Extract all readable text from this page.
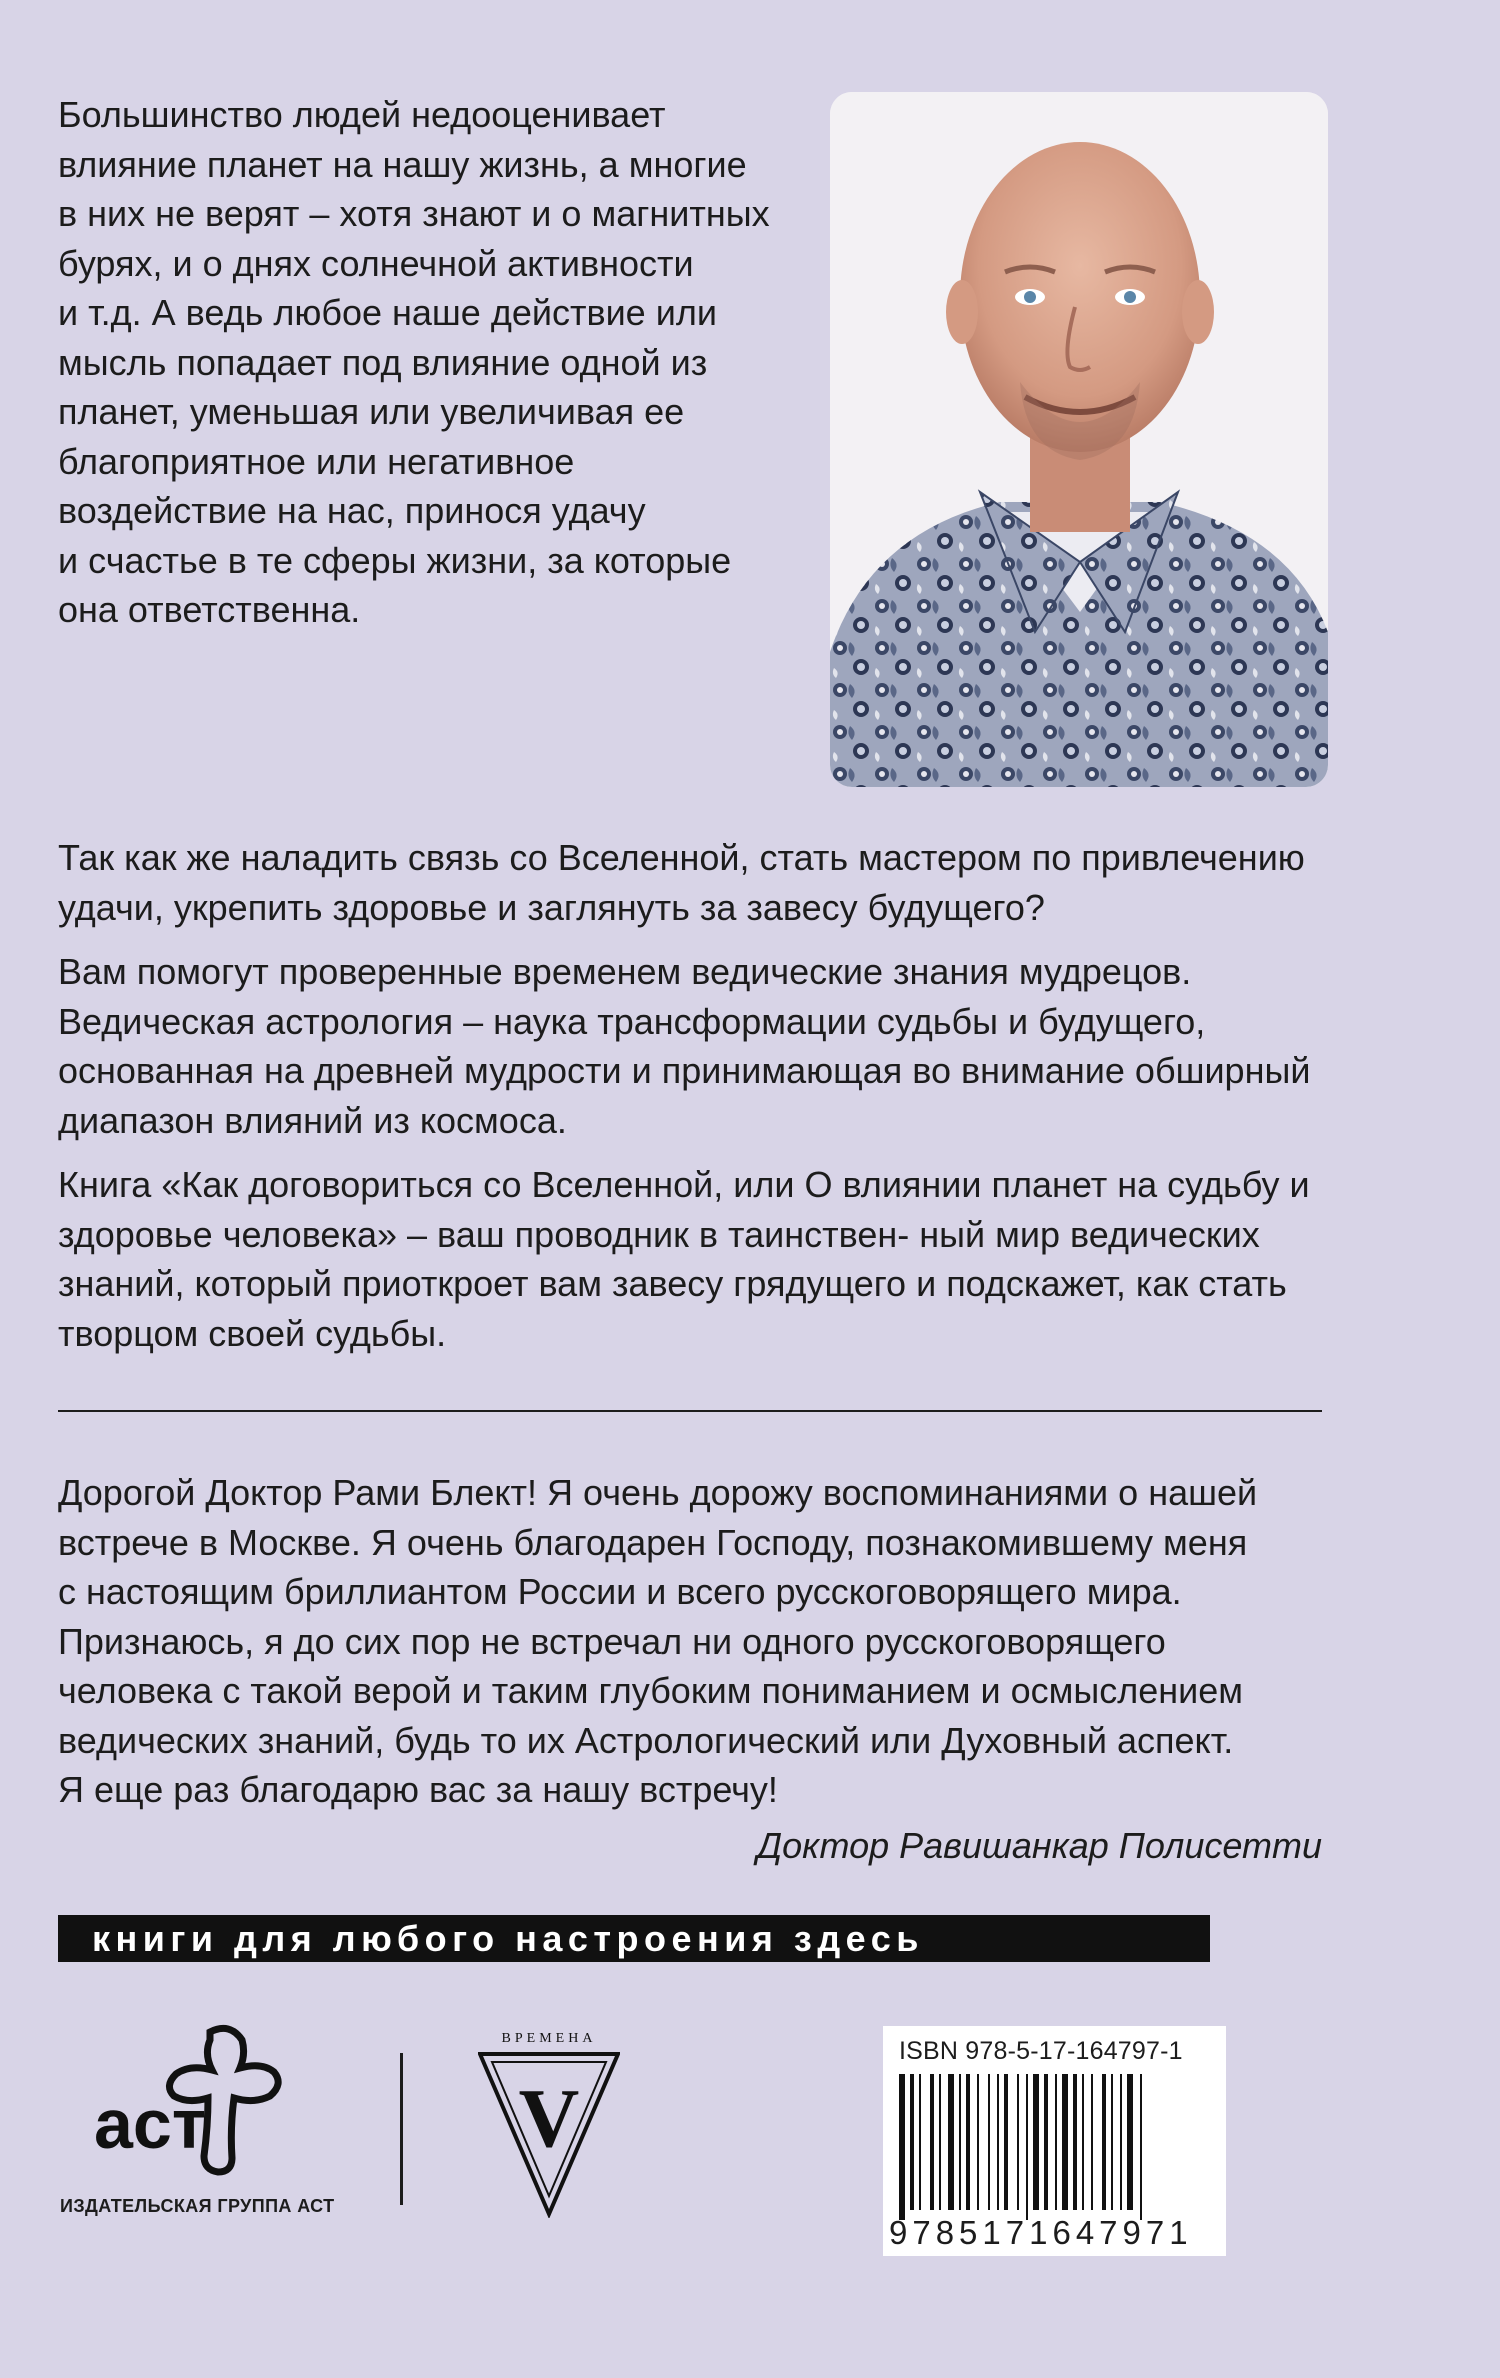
Большинство людей недооценивает

влияние планет на нашу жизнь, а многие

в них не верят – хотя знают и о магнитных

бурях, и о днях солнечной активности

и т.д. А ведь любое наше действие или

мысль попадает под влияние одной из

планет, уменьшая или увеличивая ее

благоприятное или негативное

воздействие на нас, принося удачу

и счастье в те сферы жизни, за которые

она ответственна.

Так как же наладить связь со Вселенной, стать мастером по привлечению удачи, укрепить здоровье и заглянуть за завесу будущего?

Вам помогут проверенные временем ведические знания мудрецов. Ведическая астрология – наука трансформации судьбы и будущего, основанная на древней мудрости и принимающая во внимание обширный диапазон влияний из космоса.

Книга «Как договориться со Вселенной, или О влиянии планет на судьбу и здоровье человека» – ваш проводник в таинствен- ный мир ведических знаний, который приоткроет вам завесу грядущего и подскажет, как стать творцом своей судьбы.

Дорогой Доктор Рами Блект! Я очень дорожу воспоминаниями о нашей

встрече в Москве. Я очень благодарен Господу, познакомившему меня

с настоящим бриллиантом России и всего русскоговорящего мира.

Признаюсь, я до сих пор не встречал ни одного русскоговорящего

человека с такой верой и таким глубоким пониманием и осмыслением

ведических знаний, будь то их Астрологический или Духовный аспект.

Я еще раз благодарю вас за нашу встречу!

Доктор Равишанкар Полисетти
книги для любого настроения здесь
аст
ИЗДАТЕЛЬСКАЯ ГРУППА АСТ
ВРЕМЕНА
V
ISBN 978-5-17-164797-1
9785171647971
